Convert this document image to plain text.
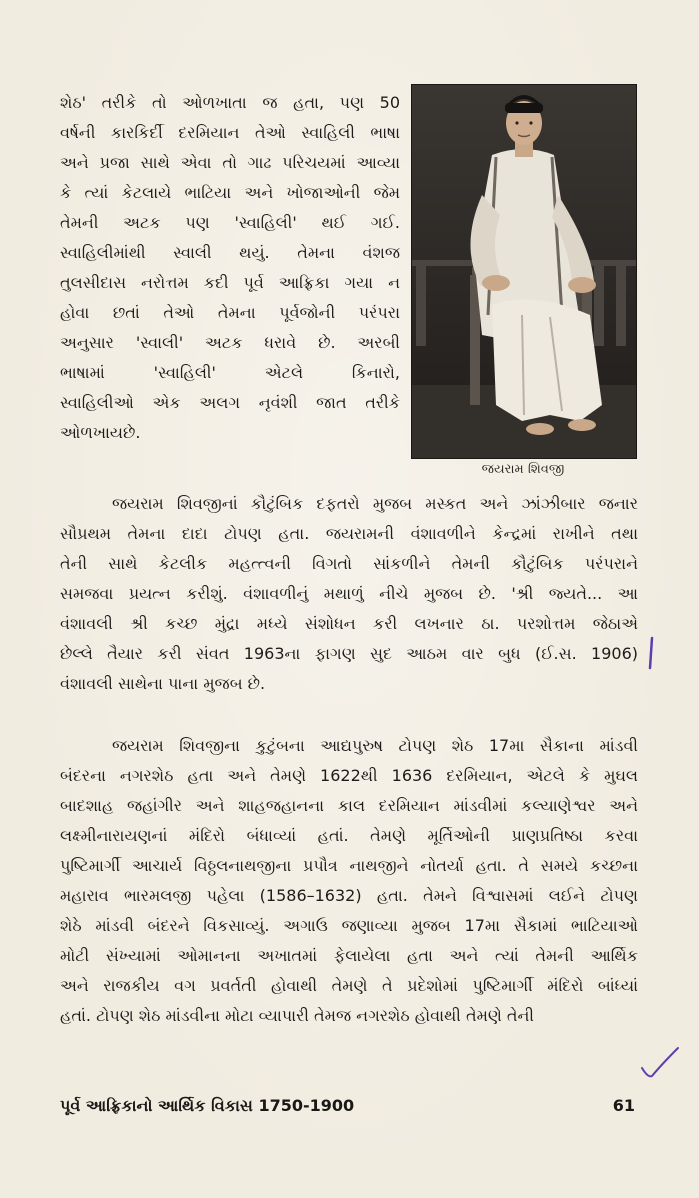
શેઠ' તરીકે તો ઓળખાતા જ હતા, પણ 50
વર્ષની કારકિર્દી દરમિયાન તેઓ સ્વાહિલી ભાષા
અને પ્રજા સાથે એવા તો ગાઢ પરિચયમાં આવ્યા
કે ત્યાં કેટલાયે ભાટિયા અને ખોજાઓની જેમ
તેમની અટક પણ 'સ્વાહિલી' થઈ ગઈ.
સ્વાહિલીમાંથી સ્વાલી થયું. તેમના વંશજ
તુલસીદાસ નરોત્તમ કદી પૂર્વ આફ્રિકા ગયા ન
હોવા છતાં તેઓ તેમના પૂર્વજોની પરંપરા
અનુસાર 'સ્વાલી' અટક ધરાવે છે. અરબી
ભાષામાં 'સ્વાહિલી' એટલે કિનારો,
સ્વાહિલીઓ એક અલગ નૃવંશી જાત તરીકે
ઓળખાયછે.
જયરામ શિવજી
જયરામ શિવજીનાં કૌટુંબિક દફતરો મુજબ મસ્કત અને ઝાંઝીબાર જનાર
સૌપ્રથમ તેમના દાદા ટોપણ હતા. જયરામની વંશાવળીને કેન્દ્રમાં રાખીને તથા
તેની સાથે કેટલીક મહત્ત્વની વિગતો સાંકળીને તેમની કૌટુંબિક પરંપરાને
સમજવા પ્રયત્ન કરીશું. વંશાવળીનું મથાળું નીચે મુજબ છે. 'શ્રી જ્યતે... આ
વંશાવલી શ્રી કચ્છ મુંદ્રા મધ્યે સંશોધન કરી લખનાર ઠા. પરશોત્તમ જેઠાએ
છેલ્લે તૈયાર કરી સંવત 1963ના ફાગણ સુદ આઠમ વાર બુધ (ઈ.સ. 1906)
વંશાવલી સાથેના પાના મુજબ છે.
જયરામ શિવજીના કુટુંબના આદ્યપુરુષ ટોપણ શેઠ 17મા સૈકાના માંડવી
બંદરના નગરશેઠ હતા અને તેમણે 1622થી 1636 દરમિયાન, એટલે કે મુઘલ
બાદશાહ જહાંગીર અને શાહજહાનના કાલ દરમિયાન માંડવીમાં કલ્યાણેશ્વર અને
લક્ષ્મીનારાયણનાં મંદિરો બંધાવ્યાં હતાં. તેમણે મૂર્તિઓની પ્રાણપ્રતિષ્ઠા કરવા
પુષ્ટિમાર્ગી આચાર્ય વિઠ્ઠલનાથજીના પ્રપૌત્ર નાથજીને નોતર્યા હતા. તે સમયે કચ્છના
મહારાવ ભારમલજી પહેલા (1586–1632) હતા. તેમને વિશ્વાસમાં લઈને ટોપણ
શેઠે માંડવી બંદરને વિકસાવ્યું. અગાઉ જણાવ્યા મુજબ 17મા સૈકામાં ભાટિયાઓ
મોટી સંખ્યામાં ઓમાનના અખાતમાં ફેલાયેલા હતા અને ત્યાં તેમની આર્થિક
અને રાજકીય વગ પ્રવર્તતી હોવાથી તેમણે તે પ્રદેશોમાં પુષ્ટિમાર્ગી મંદિરો બાંધ્યાં
હતાં. ટોપણ શેઠ માંડવીના મોટા વ્યાપારી તેમજ નગરશેઠ હોવાથી તેમણે તેની
પૂર્વ આફ્રિકાનો આર્થિક વિકાસ 1750-1900	61
